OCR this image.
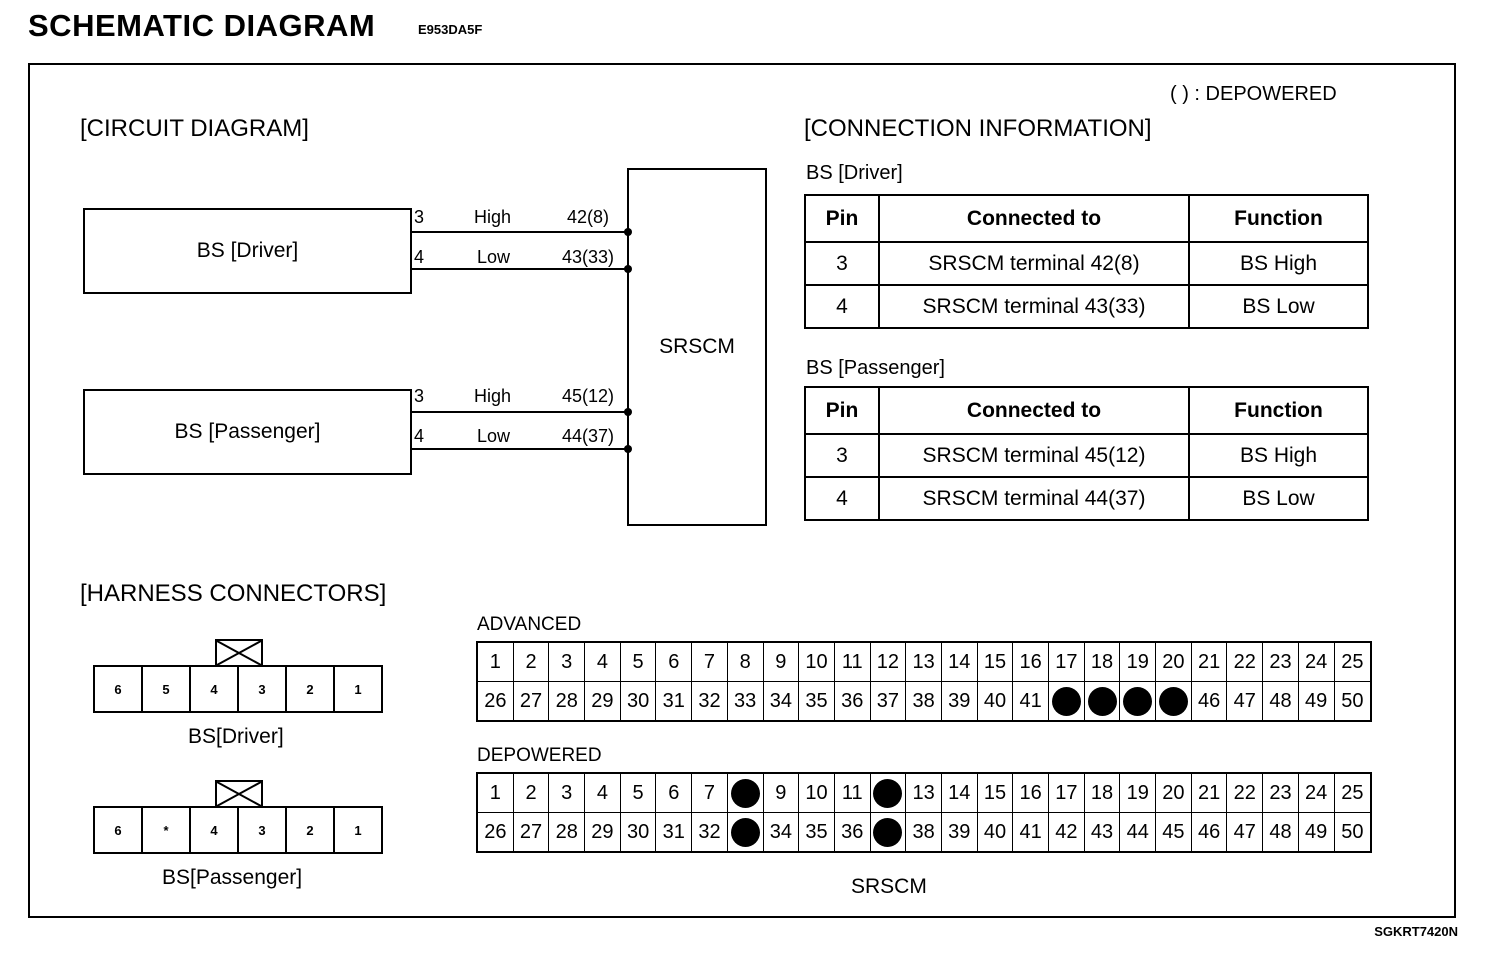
SCHEMATIC DIAGRAM	E953DA5F
( ) : DEPOWERED
[CIRCUIT DIAGRAM]
BS [Driver]
BS [Passenger]
SRSCM
3	High	42(8)
4	Low	43(33)
3	High	45(12)
4	Low	44(37)
[CONNECTION INFORMATION]
BS [Driver]
Pin	Connected to	Function
3	SRSCM terminal 42(8)	BS High
4	SRSCM terminal 43(33)	BS Low
BS [Passenger]
Pin	Connected to	Function
3	SRSCM terminal 45(12)	BS High
4	SRSCM terminal 44(37)	BS Low
[HARNESS CONNECTORS]
6	5	4	3	2	1
BS[Driver]
6	*	4	3	2	1
BS[Passenger]
ADVANCED
1	2	3	4	5	6	7	8	9 10 11 12 13 14 15 16 17 18 19 20 21 22 23 24 25
26 27 28 29 30 31 32 33 34 35 36 37 38 39 40 41	46 47 48 49 50
DEPOWERED
1	2	3	4	5	6	7	9 10 11	13 14 15 16 17 18 19 20 21 22 23 24 25
26 27 28 29 30 31 32	34 35 36	38 39 40 41 42 43 44 45 46 47 48 49 50
SRSCM
SGKRT7420N
